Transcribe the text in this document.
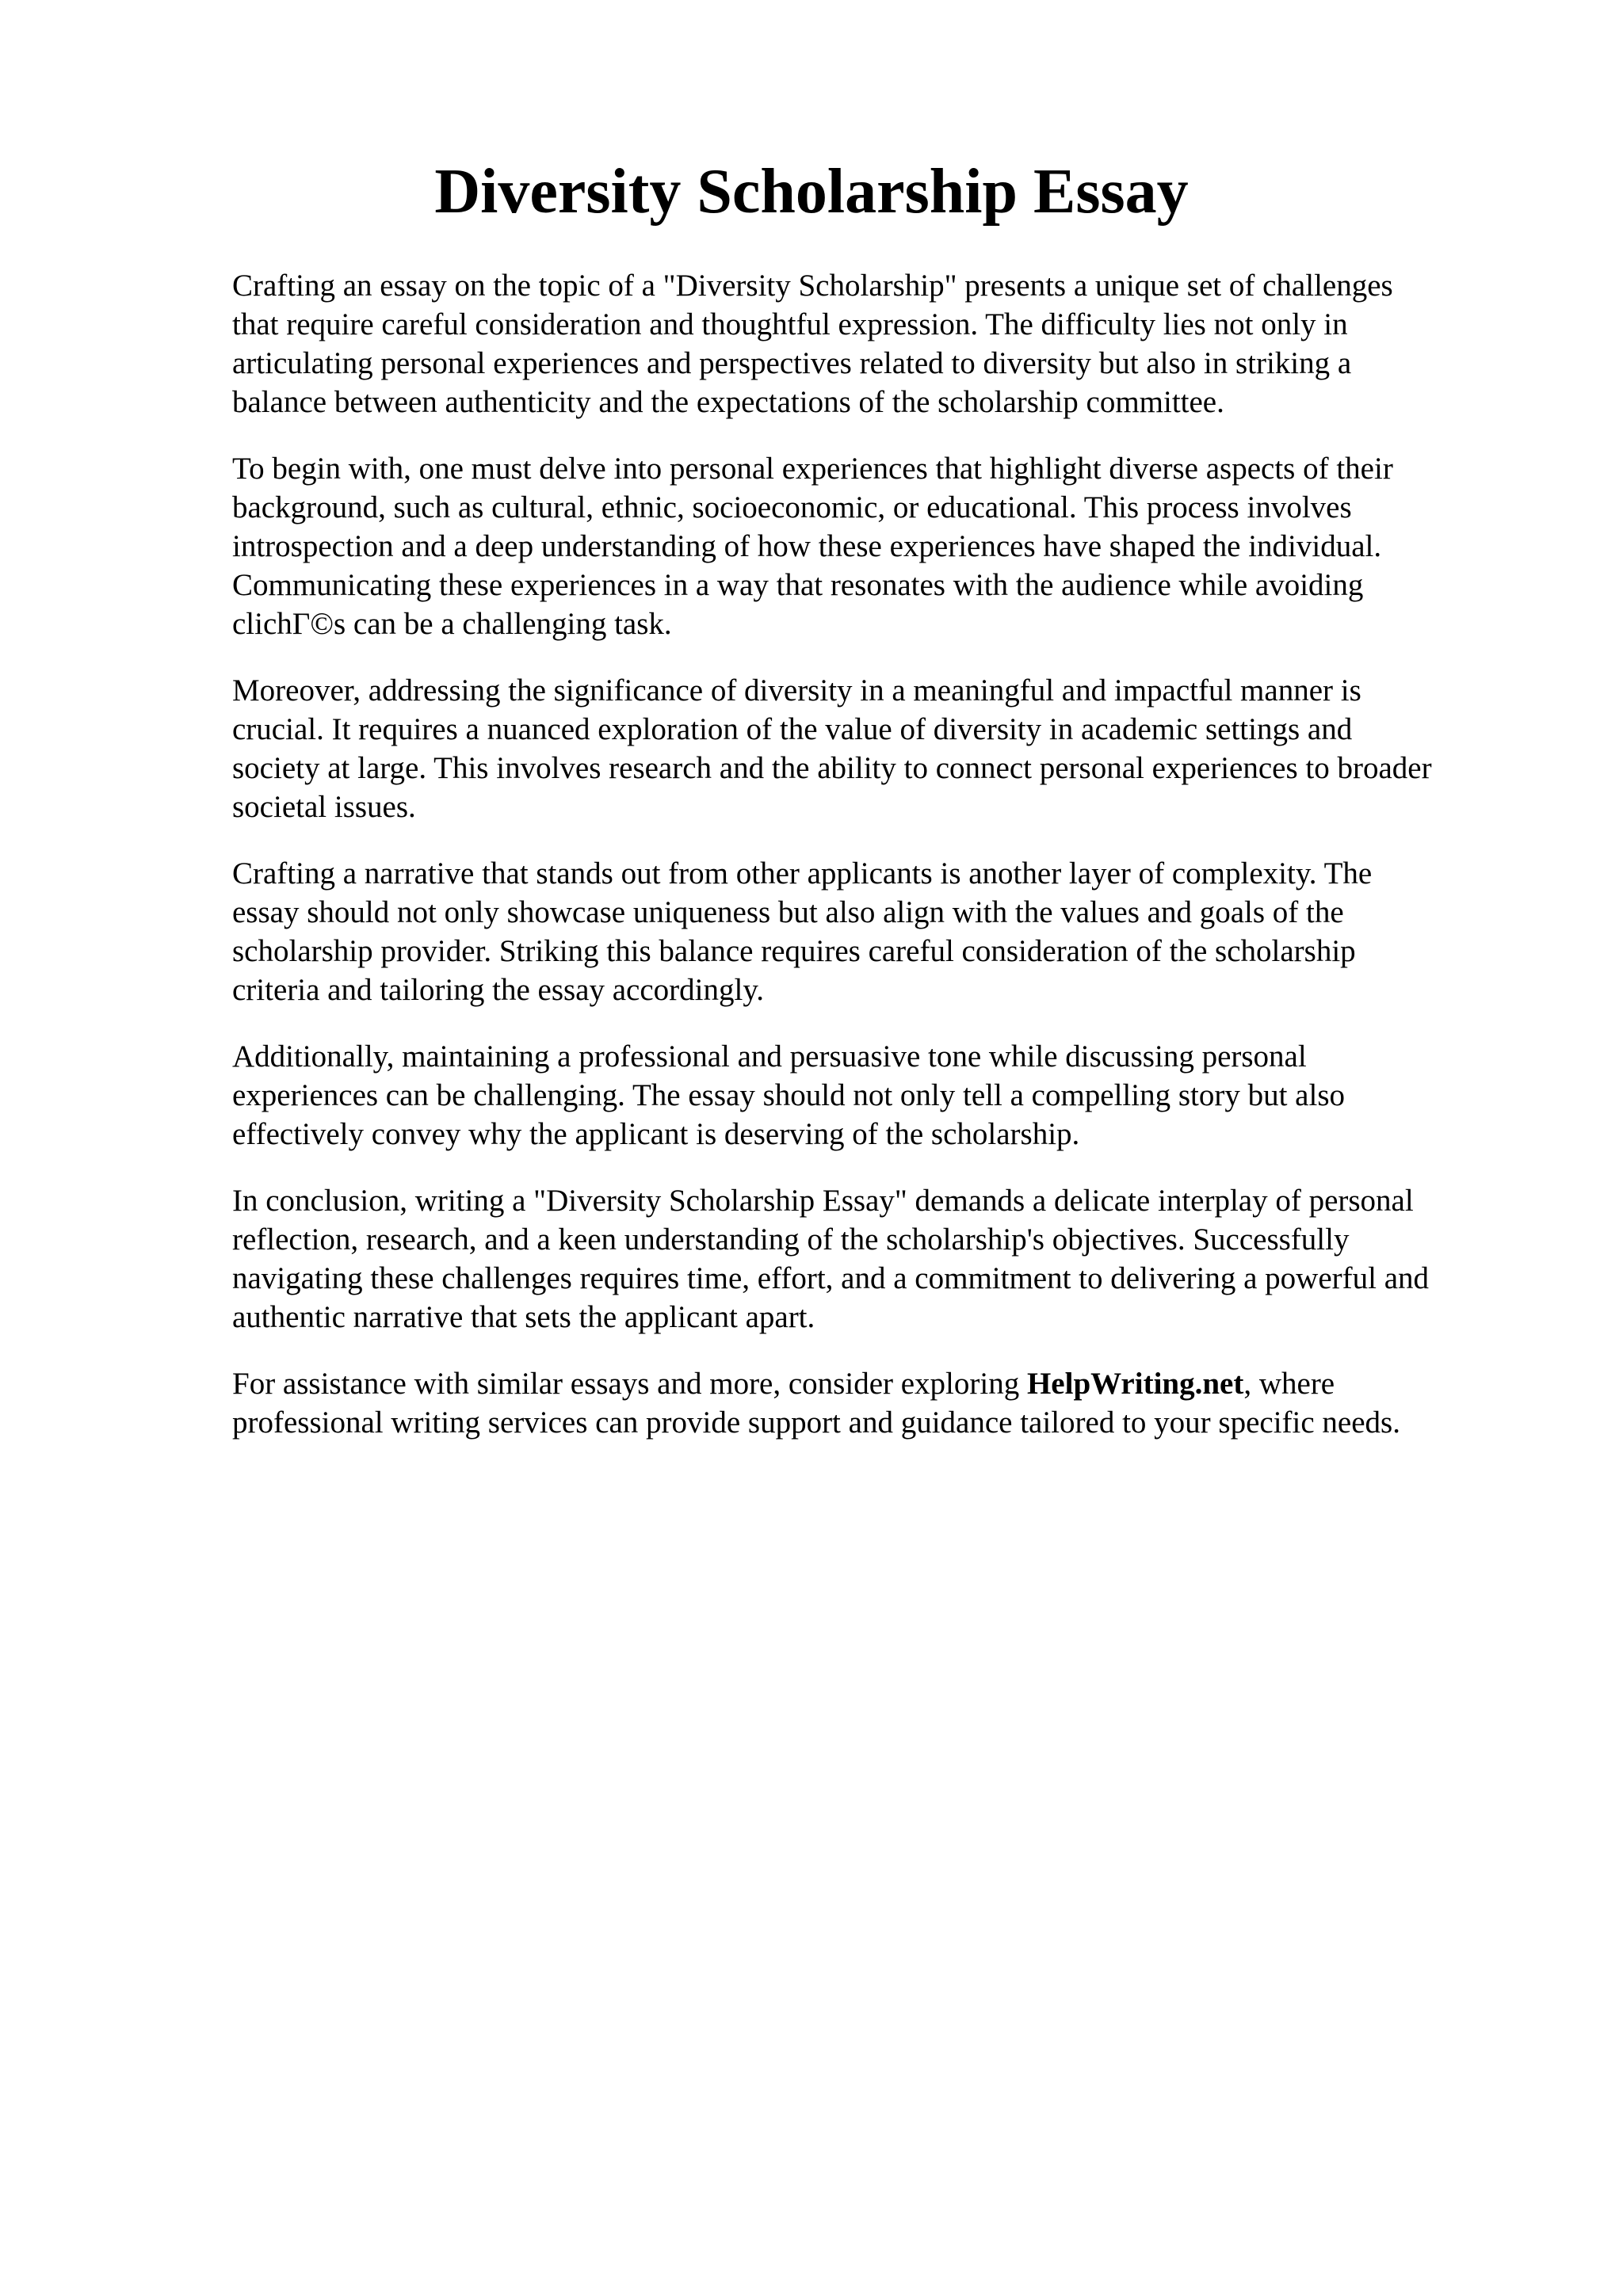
Diversity Scholarship Essay

Crafting an essay on the topic of a "Diversity Scholarship" presents a unique set of challenges
that require careful consideration and thoughtful expression. The difficulty lies not only in
articulating personal experiences and perspectives related to diversity but also in striking a
balance between authenticity and the expectations of the scholarship committee.

To begin with, one must delve into personal experiences that highlight diverse aspects of their
background, such as cultural, ethnic, socioeconomic, or educational. This process involves
introspection and a deep understanding of how these experiences have shaped the individual.
Communicating these experiences in a way that resonates with the audience while avoiding
clichΓ©s can be a challenging task.

Moreover, addressing the significance of diversity in a meaningful and impactful manner is
crucial. It requires a nuanced exploration of the value of diversity in academic settings and
society at large. This involves research and the ability to connect personal experiences to broader
societal issues.

Crafting a narrative that stands out from other applicants is another layer of complexity. The
essay should not only showcase uniqueness but also align with the values and goals of the
scholarship provider. Striking this balance requires careful consideration of the scholarship
criteria and tailoring the essay accordingly.

Additionally, maintaining a professional and persuasive tone while discussing personal
experiences can be challenging. The essay should not only tell a compelling story but also
effectively convey why the applicant is deserving of the scholarship.

In conclusion, writing a "Diversity Scholarship Essay" demands a delicate interplay of personal
reflection, research, and a keen understanding of the scholarship's objectives. Successfully
navigating these challenges requires time, effort, and a commitment to delivering a powerful and
authentic narrative that sets the applicant apart.

For assistance with similar essays and more, consider exploring HelpWriting.net, where
professional writing services can provide support and guidance tailored to your specific needs.
